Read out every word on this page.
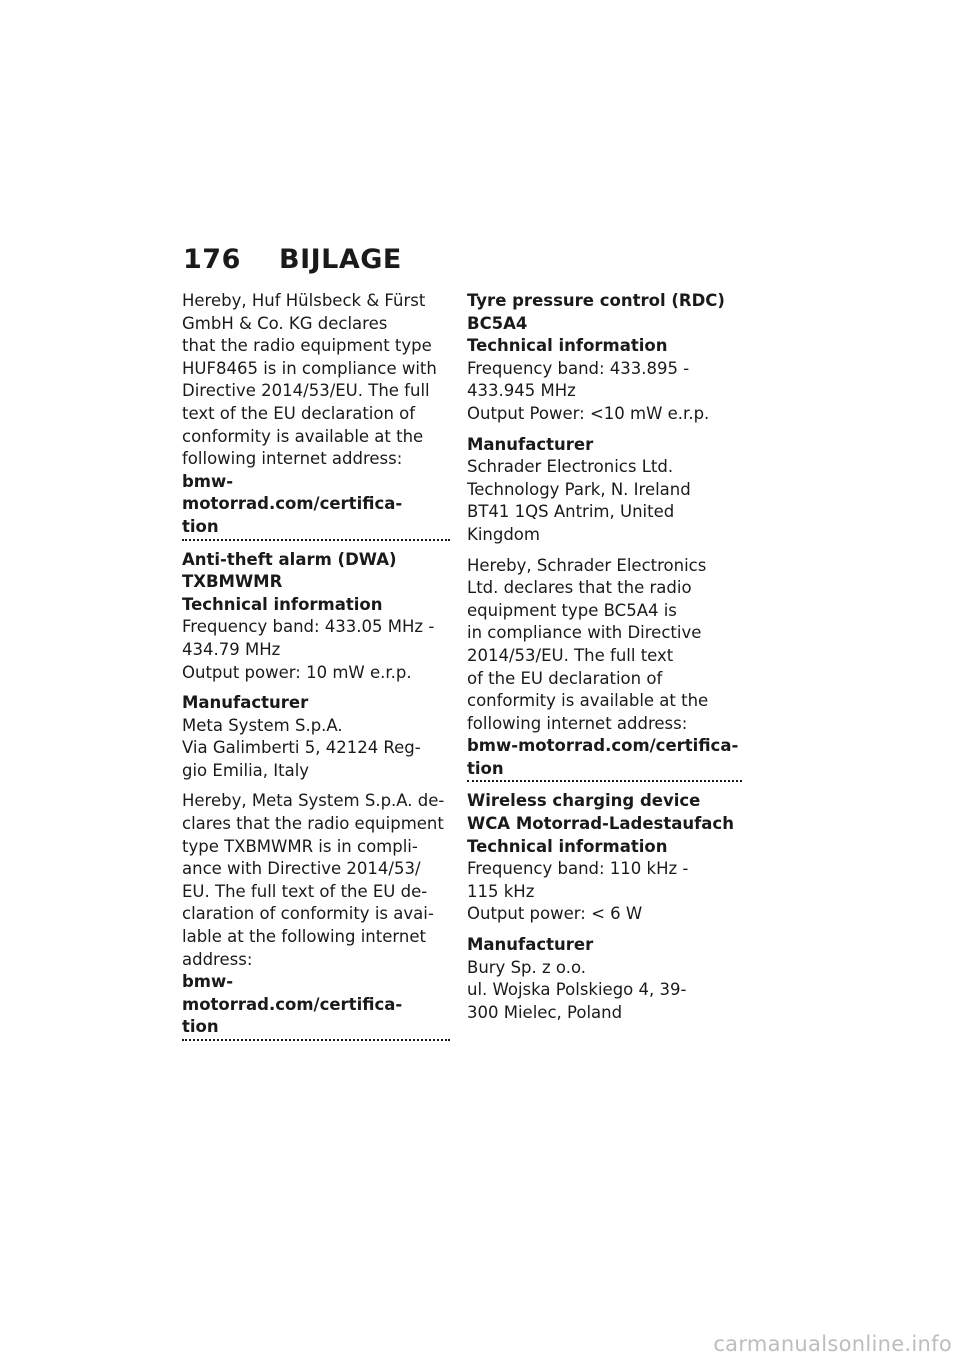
176 BIJLAGE

Hereby, Huf Hülsbeck & Fürst
GmbH & Co. KG declares
that the radio equipment type
HUF8465 is in compliance with
Directive 2014/53/EU. The full
text of the EU declaration of
conformity is available at the
following internet address:

bmw-motorrad.com/certifica-
tion

Anti-theft alarm (DWA)
TXBMWMR

Technical information

Frequency band: 433.05 MHz -
434.79 MHz
Output power: 10 mW e.r.p.

Manufacturer

Meta System S.p.A.
Via Galimberti 5, 42124 Reg-
gio Emilia, Italy

Hereby, Meta System S.p.A. de-
clares that the radio equipment
type TXBMWMR is in compli-
ance with Directive 2014/53/
EU. The full text of the EU de-
claration of conformity is avai-
lable at the following internet
address:

bmw-motorrad.com/certifica-
tion

Tyre pressure control (RDC)
BC5A4

Technical information

Frequency band: 433.895 -
433.945 MHz
Output Power: <10 mW e.r.p.

Manufacturer

Schrader Electronics Ltd.
Technology Park, N. Ireland
BT41 1QS Antrim, United
Kingdom

Hereby, Schrader Electronics
Ltd. declares that the radio
equipment type BC5A4 is
in compliance with Directive
2014/53/EU. The full text
of the EU declaration of
conformity is available at the
following internet address:

bmw-motorrad.com/certifica-
tion

Wireless charging device
WCA Motorrad-Ladestaufach

Technical information

Frequency band: 110 kHz -
115 kHz
Output power: < 6 W

Manufacturer

Bury Sp. z o.o.
ul. Wojska Polskiego 4, 39-
300 Mielec, Poland

carmanualsonline.info
